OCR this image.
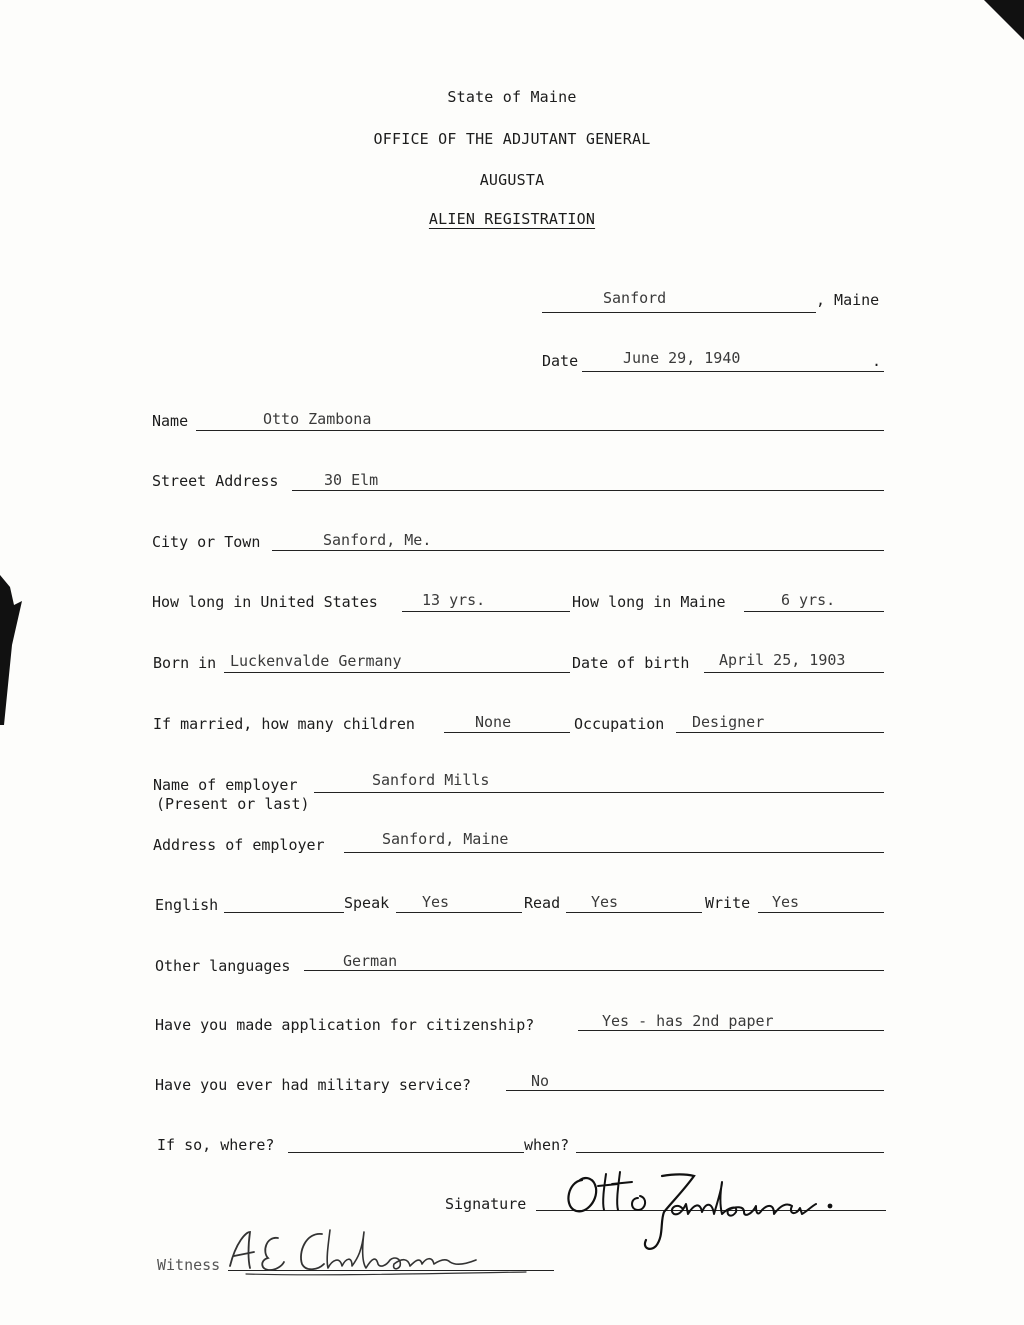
State of Maine
OFFICE OF THE ADJUTANT GENERAL
AUGUSTA
ALIEN REGISTRATION
Sanford	, Maine
Date	June 29, 1940	.
Name	Otto Zambona
Street Address	30 Elm
City or Town	Sanford, Me.
How long in United States	13 yrs.	How long in Maine	6 yrs.
Born in Luckenvalde Germany	Date of birth April 25, 1903
If married, how many children	None	Occupation Designer
Name of employer
(Present or last)
Sanford Mills
Address of employer	Sanford, Maine
English	Speak Yes	Read Yes	Write Yes
Other languages	German
Have you made application for citizenship?	Yes - has 2nd paper
Have you ever had military service?	No
If so, where?	when?
Signature
Witness
